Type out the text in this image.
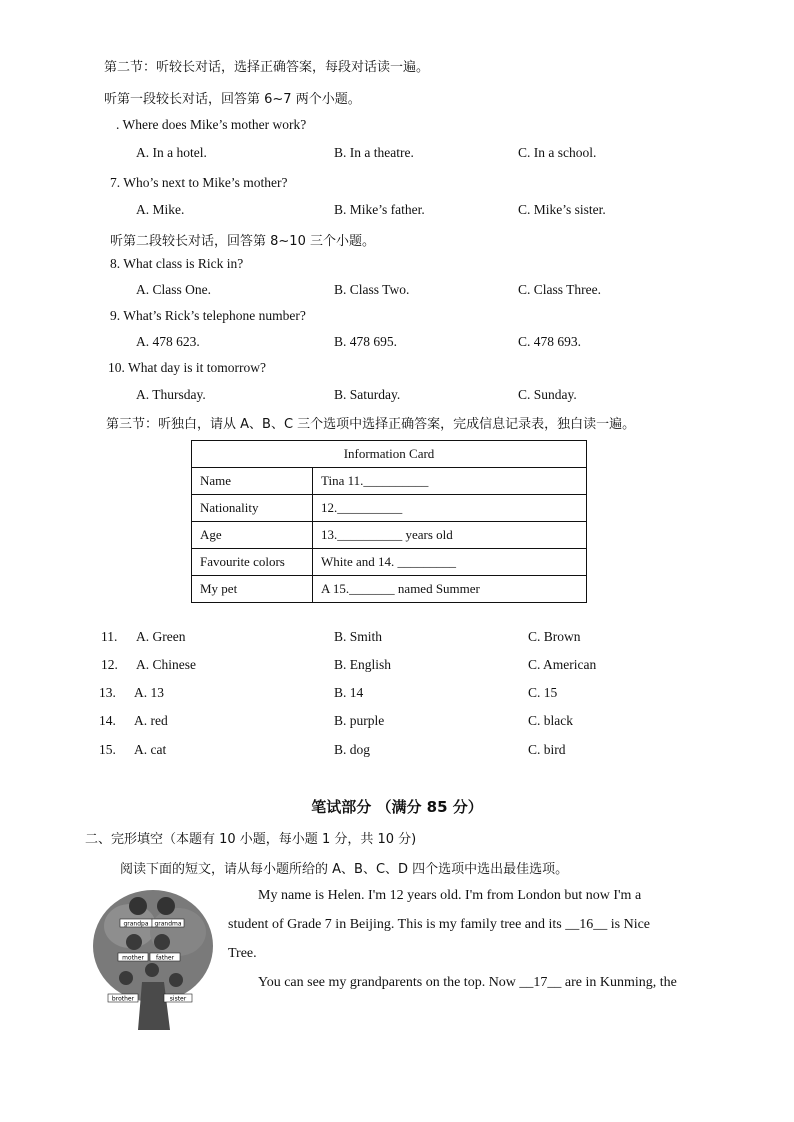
第二节：听较长对话，选择正确答案，每段对话读一遍。
听第一段较长对话，回答第 6~7 两个小题。
. Where does Mike’s mother work?
A. In a hotel.	B. In a theatre.	C. In a school.
7. Who’s next to Mike’s mother?
A. Mike.	B. Mike’s father.	C. Mike’s sister.
听第二段较长对话，回答第 8~10 三个小题。
8. What class is Rick in?
A. Class One.	B. Class Two.	C. Class Three.
9. What’s Rick’s telephone number?
A. 478 623.	B. 478 695.	C. 478 693.
10. What day is it tomorrow?
A. Thursday.	B. Saturday.	C. Sunday.
第三节：听独白，请从 A、B、C 三个选项中选择正确答案，完成信息记录表，独白读一遍。
Information Card	
Name	Tina 11.__________
Nationality	12.__________
Age	13.__________ years old
Favourite colors	White and 14. _________
My pet	A 15._______ named Summer
11. A. Green	B. Smith	C. Brown
12. A. Chinese	B. English	C. American
13. A. 13	B. 14	C. 15
14. A. red	B. purple	C. black
15. A. cat	B. dog	C. bird
笔试部分 （满分 85 分）
二、完形填空（本题有 10 小题，每小题 1 分，共 10 分)
阅读下面的短文，请从每小题所给的 A、B、C、D 四个选项中选出最佳选项。
grandpa grandma
mother father
brother	sister
My name is Helen. I'm 12 years old. I'm from London but now I'm a
student of Grade 7 in Beijing. This is my family tree and its __16__ is Nice
Tree.
You can see my grandparents on the top. Now __17__ are in Kunming, the
